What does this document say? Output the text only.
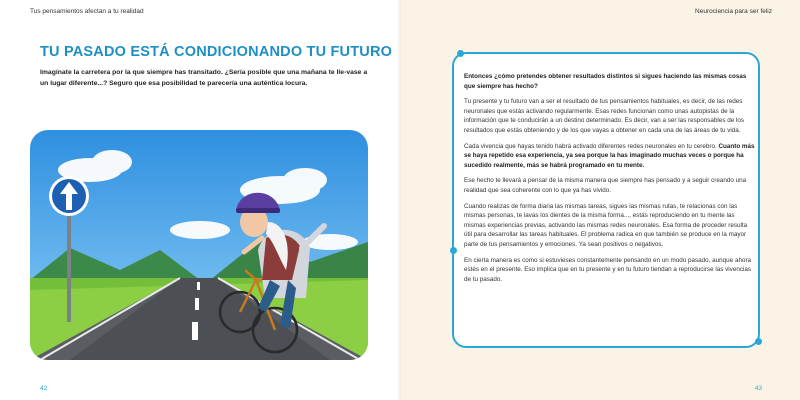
Tus pensamientos afectan a tu realidad
TU PASADO ESTÁ CONDICIONANDO TU FUTURO

Imagínate la carretera por la que siempre has transitado. ¿Sería posible que una mañana te lle-vase a un lugar diferente...? Seguro que esa posibilidad te parecería una auténtica locura.

42
Neurociencia para ser feliz

Entonces ¿cómo pretendes obtener resultados distintos si sigues haciendo las mismas cosas que siempre has hecho?

Tu presente y tu futuro van a ser el resultado de tus pensamientos habituales, es decir, de las redes neuronales que estás activando regularmente. Esas redes funcionan como unas autopistas de la información que te conducirán a un destino determinado. Es decir, van a ser las responsables de los resultados que estás obteniendo y de los que vayas a obtener en cada una de las áreas de tu vida.

Cada vivencia que hayas tenido habrá activado diferentes redes neuronales en tu cerebro. Cuanto más se haya repetido esa experiencia, ya sea porque la has imaginado muchas veces o porque ha sucedido realmente, más se habrá programado en tu mente.

Ese hecho te llevará a pensar de la misma manera que siempre has pensado y a seguir creando una realidad que sea coherente con lo que ya has vivido.

Cuando realizas de forma diaria las mismas tareas, sigues las mismas rutas, te relacionas con las mismas personas, te lavas los dientes de la misma forma..., estás reproduciendo en tu mente las mismas experiencias previas, activando las mismas redes neuronales. Esa forma de proceder resulta útil para desarrollar las tareas habituales. El problema radica en que también se produce en la mayor parte de tus pensamientos y emociones. Ya sean positivos o negativos.

En cierta manera es como si estuvieses constantemente pensando en un modo pasado, aunque ahora estés en el presente. Eso implica que en tu presente y en tu futuro tiendan a reproducirse las vivencias de tu pasado.

43
